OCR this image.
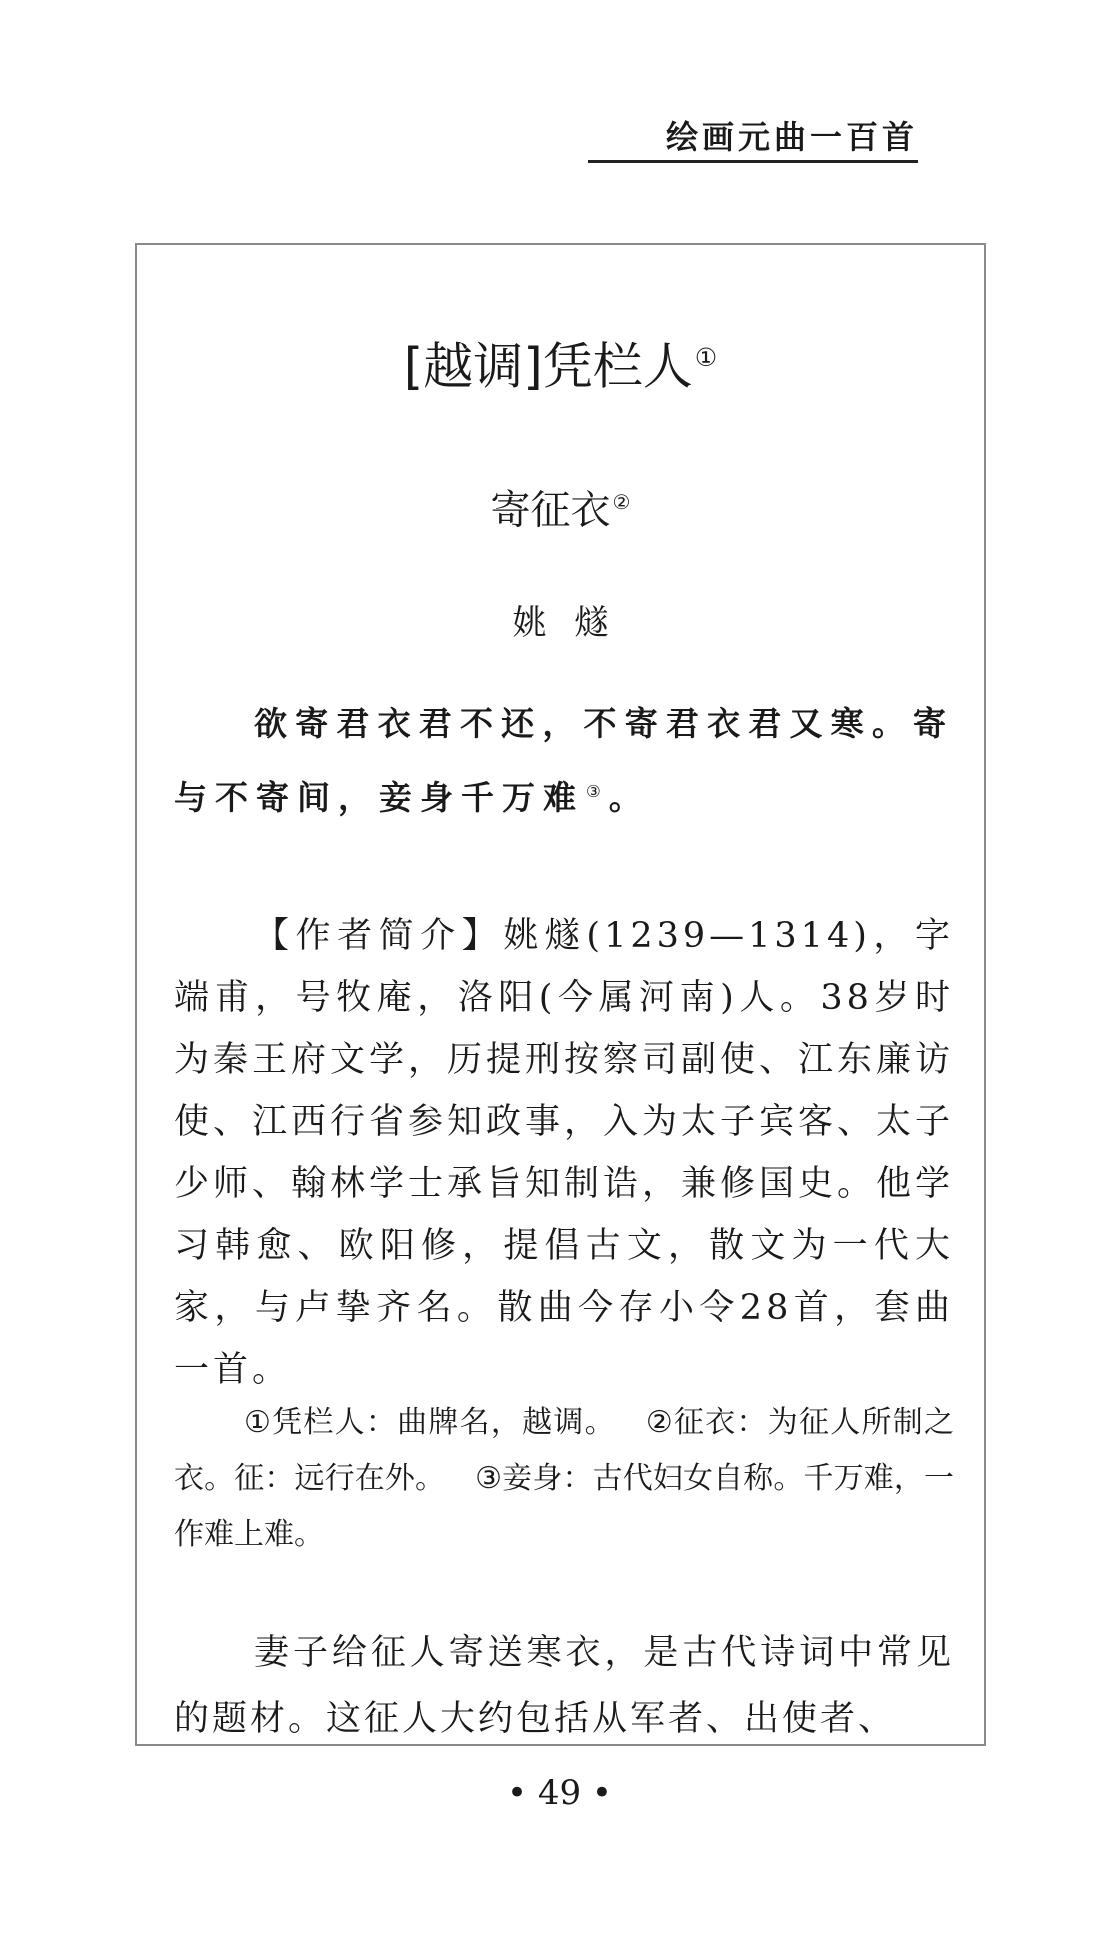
绘画元曲一百首
[越调]凭栏人①
寄征衣 ②
姚燧
欲寄君衣君不还，不寄君衣君又寒。寄与不寄间，妾身千万难 ③。
【作者简介】姚燧(1239—1314)，字端甫，号牧庵，洛阳(今属河南)人。38岁时为秦王府文学，历提刑按察司副使、江东廉访使、江西行省参知政事，入为太子宾客、太子少师、翰林学士承旨知制诰，兼修国史。他学习韩愈、欧阳修，提倡古文，散文为一代大家，与卢挚齐名。散曲今存小令28首，套曲一首。
①凭栏人：曲牌名，越调。 ②征衣：为征人所制之衣。征：远行在外。 ③妾身：古代妇女自称。千万难，一作难上难。
妻子给征人寄送寒衣，是古代诗词中常见的题材。这征人大约包括从军者、出使者、
• 49 •
